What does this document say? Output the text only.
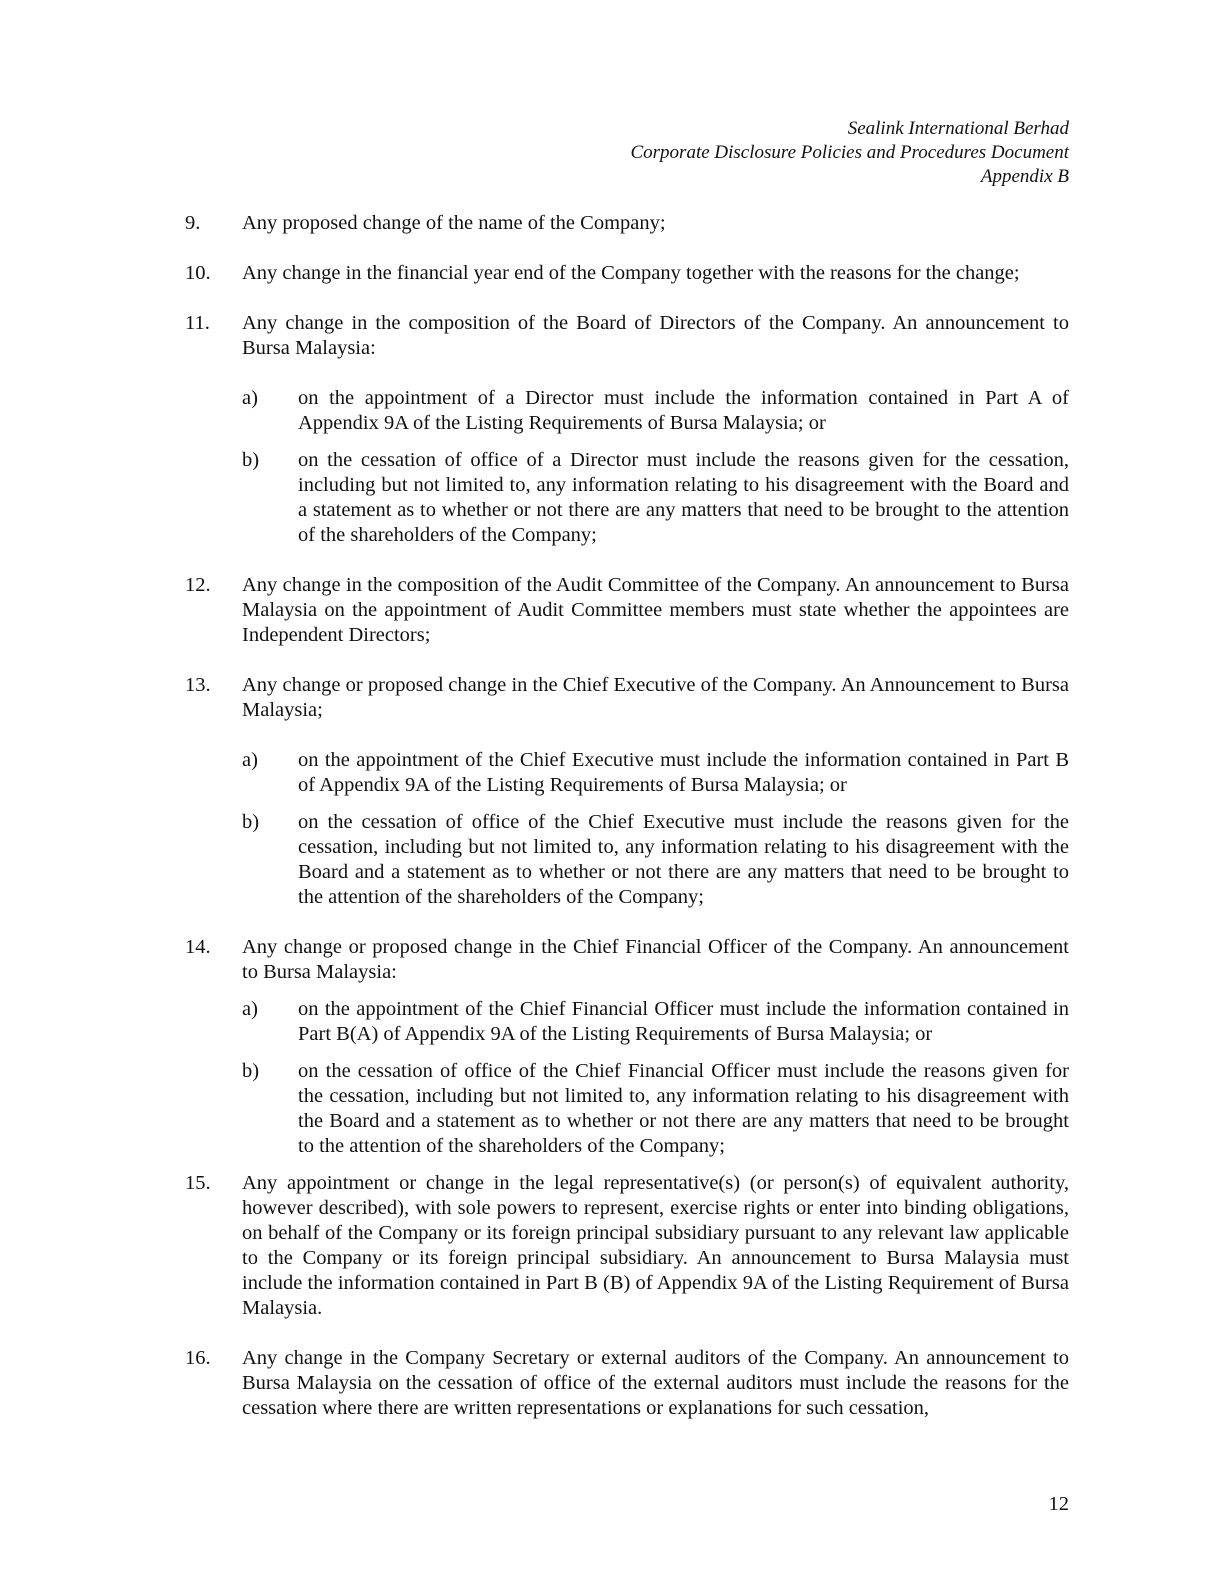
Sealink International Berhad
Corporate Disclosure Policies and Procedures Document
Appendix B
9. Any proposed change of the name of the Company;
10. Any change in the financial year end of the Company together with the reasons for the change;
11. Any change in the composition of the Board of Directors of the Company. An announcement to Bursa Malaysia:
a) on the appointment of a Director must include the information contained in Part A of Appendix 9A of the Listing Requirements of Bursa Malaysia; or
b) on the cessation of office of a Director must include the reasons given for the cessation, including but not limited to, any information relating to his disagreement with the Board and a statement as to whether or not there are any matters that need to be brought to the attention of the shareholders of the Company;
12. Any change in the composition of the Audit Committee of the Company. An announcement to Bursa Malaysia on the appointment of Audit Committee members must state whether the appointees are Independent Directors;
13. Any change or proposed change in the Chief Executive of the Company. An Announcement to Bursa Malaysia;
a) on the appointment of the Chief Executive must include the information contained in Part B of Appendix 9A of the Listing Requirements of Bursa Malaysia; or
b) on the cessation of office of the Chief Executive must include the reasons given for the cessation, including but not limited to, any information relating to his disagreement with the Board and a statement as to whether or not there are any matters that need to be brought to the attention of the shareholders of the Company;
14. Any change or proposed change in the Chief Financial Officer of the Company. An announcement to Bursa Malaysia:
a) on the appointment of the Chief Financial Officer must include the information contained in Part B(A) of Appendix 9A of the Listing Requirements of Bursa Malaysia; or
b) on the cessation of office of the Chief Financial Officer must include the reasons given for the cessation, including but not limited to, any information relating to his disagreement with the Board and a statement as to whether or not there are any matters that need to be brought to the attention of the shareholders of the Company;
15. Any appointment or change in the legal representative(s) (or person(s) of equivalent authority, however described), with sole powers to represent, exercise rights or enter into binding obligations, on behalf of the Company or its foreign principal subsidiary pursuant to any relevant law applicable to the Company or its foreign principal subsidiary. An announcement to Bursa Malaysia must include the information contained in Part B (B) of Appendix 9A of the Listing Requirement of Bursa Malaysia.
16. Any change in the Company Secretary or external auditors of the Company. An announcement to Bursa Malaysia on the cessation of office of the external auditors must include the reasons for the cessation where there are written representations or explanations for such cessation,
12
